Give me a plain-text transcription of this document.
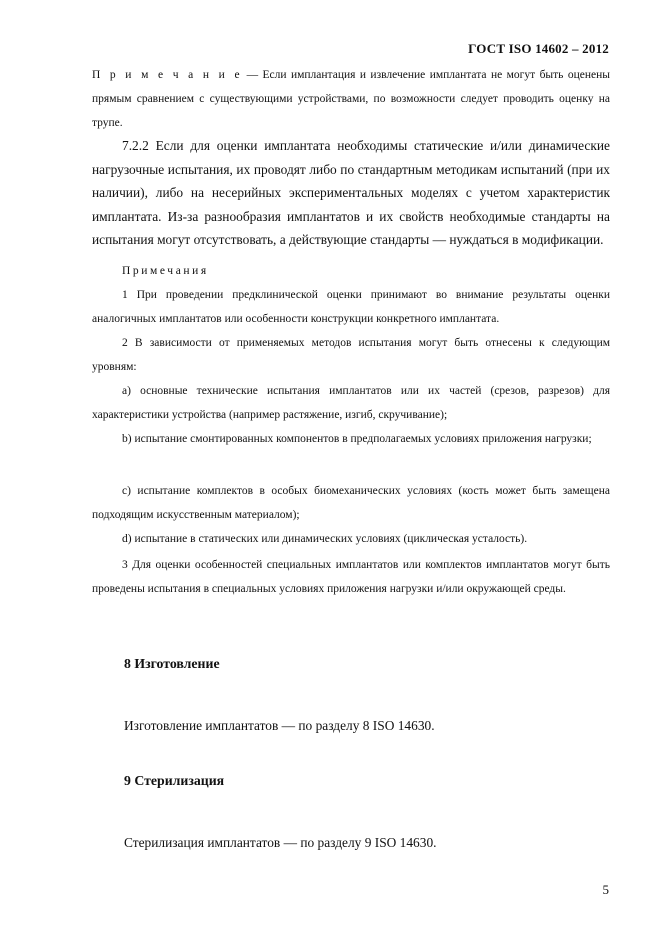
ГОСТ ISO 14602 – 2012
П р и м е ч а н и е — Если имплантация и извлечение имплантата не могут быть оценены прямым сравнением с существующими устройствами, по возможности следует проводить оценку на трупе.
7.2.2 Если для оценки имплантата необходимы статические и/или динамические нагрузочные испытания, их проводят либо по стандартным методикам испытаний (при их наличии), либо на несерийных экспериментальных моделях с учетом характеристик имплантата. Из-за разнообразия имплантатов и их свойств необходимые стандарты на испытания могут отсутствовать, а действующие стандарты — нуждаться в модификации.
Примечания
1 При проведении предклинической оценки принимают во внимание результаты оценки аналогичных имплантатов или особенности конструкции конкретного имплантата.
2 В зависимости от применяемых методов испытания могут быть отнесены к следующим уровням:
а) основные технические испытания имплантатов или их частей (срезов, разрезов) для характеристики устройства (например растяжение, изгиб, скручивание);
b) испытание смонтированных компонентов в предполагаемых условиях приложения нагрузки;
с) испытание комплектов в особых биомеханических условиях (кость может быть замещена подходящим искусственным материалом);
d) испытание в статических или динамических условиях (циклическая усталость).
3 Для оценки особенностей специальных имплантатов или комплектов имплантатов могут быть проведены испытания в специальных условиях приложения нагрузки и/или окружающей среды.
8 Изготовление
Изготовление имплантатов — по разделу 8 ISO 14630.
9 Стерилизация
Стерилизация имплантатов — по разделу 9 ISO 14630.
5
